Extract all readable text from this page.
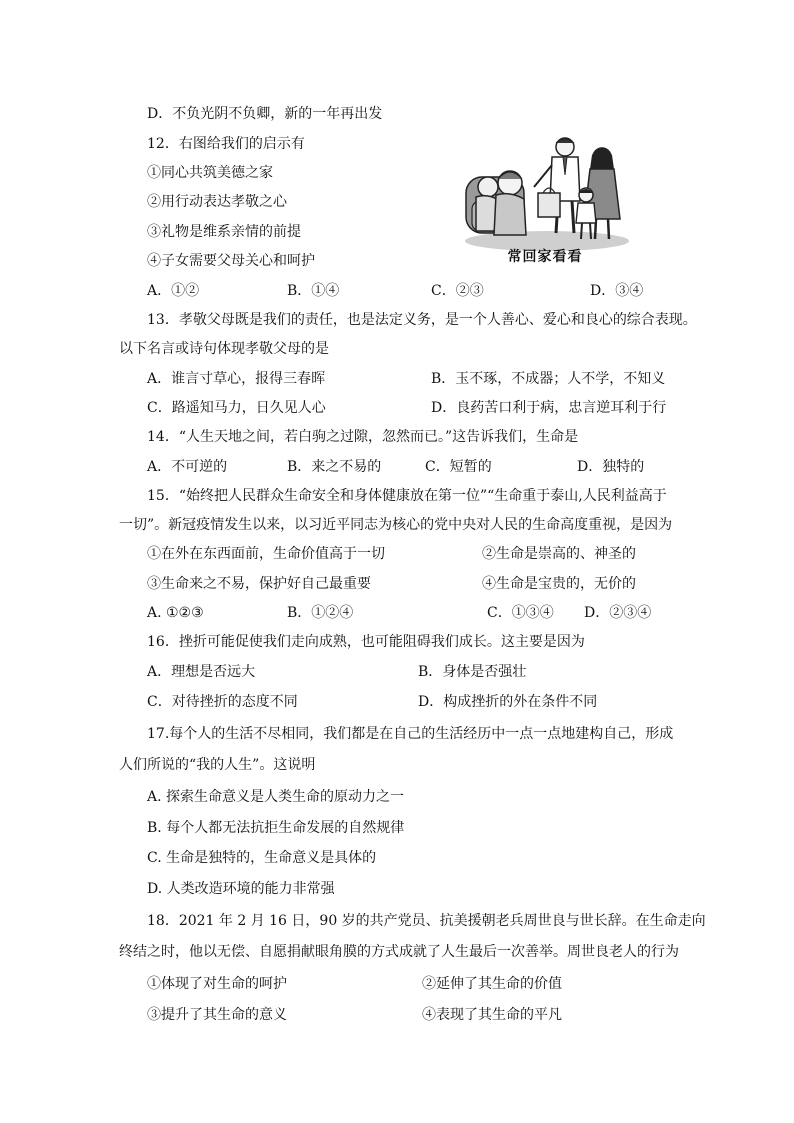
D．不负光阴不负卿，新的一年再出发
12．右图给我们的启示有
①同心共筑美德之家
②用行动表达孝敬之心
③礼物是维系亲情的前提
④子女需要父母关心和呵护	常回家看看
A．①②	B．①④	C．②③	D．③④
13．孝敬父母既是我们的责任，也是法定义务，是一个人善心、爱心和良心的综合表现。
以下名言或诗句体现孝敬父母的是
A．谁言寸草心，报得三春晖	B．玉不琢，不成器；人不学，不知义
C．路遥知马力，日久见人心	D．良药苦口利于病，忠言逆耳利于行
14．“人生天地之间，若白驹之过隙，忽然而已。”这告诉我们，生命是
A．不可逆的	B．来之不易的	C．短暂的	D．独特的
15．“始终把人民群众生命安全和身体健康放在第一位”“生命重于泰山,人民利益高于
一切”。新冠疫情发生以来，以习近平同志为核心的党中央对人民的生命高度重视，是因为
①在外在东西面前，生命价值高于一切	②生命是崇高的、神圣的
③生命来之不易，保护好自己最重要	④生命是宝贵的，无价的
A. ①②③	B．①②④	C．①③④ D．②③④
16．挫折可能促使我们走向成熟，也可能阻碍我们成长。这主要是因为
A．理想是否远大	B．身体是否强壮
C．对待挫折的态度不同	D．构成挫折的外在条件不同
17.每个人的生活不尽相同，我们都是在自己的生活经历中一点一点地建构自己，形成
人们所说的“我的人生”。这说明
A. 探索生命意义是人类生命的原动力之一
B. 每个人都无法抗拒生命发展的自然规律
C. 生命是独特的，生命意义是具体的
D. 人类改造环境的能力非常强
18．2021 年 2 月 16 日，90 岁的共产党员、抗美援朝老兵周世良与世长辞。在生命走向
终结之时，他以无偿、自愿捐献眼角膜的方式成就了人生最后一次善举。周世良老人的行为
①体现了对生命的呵护	②延伸了其生命的价值
③提升了其生命的意义	④表现了其生命的平凡
